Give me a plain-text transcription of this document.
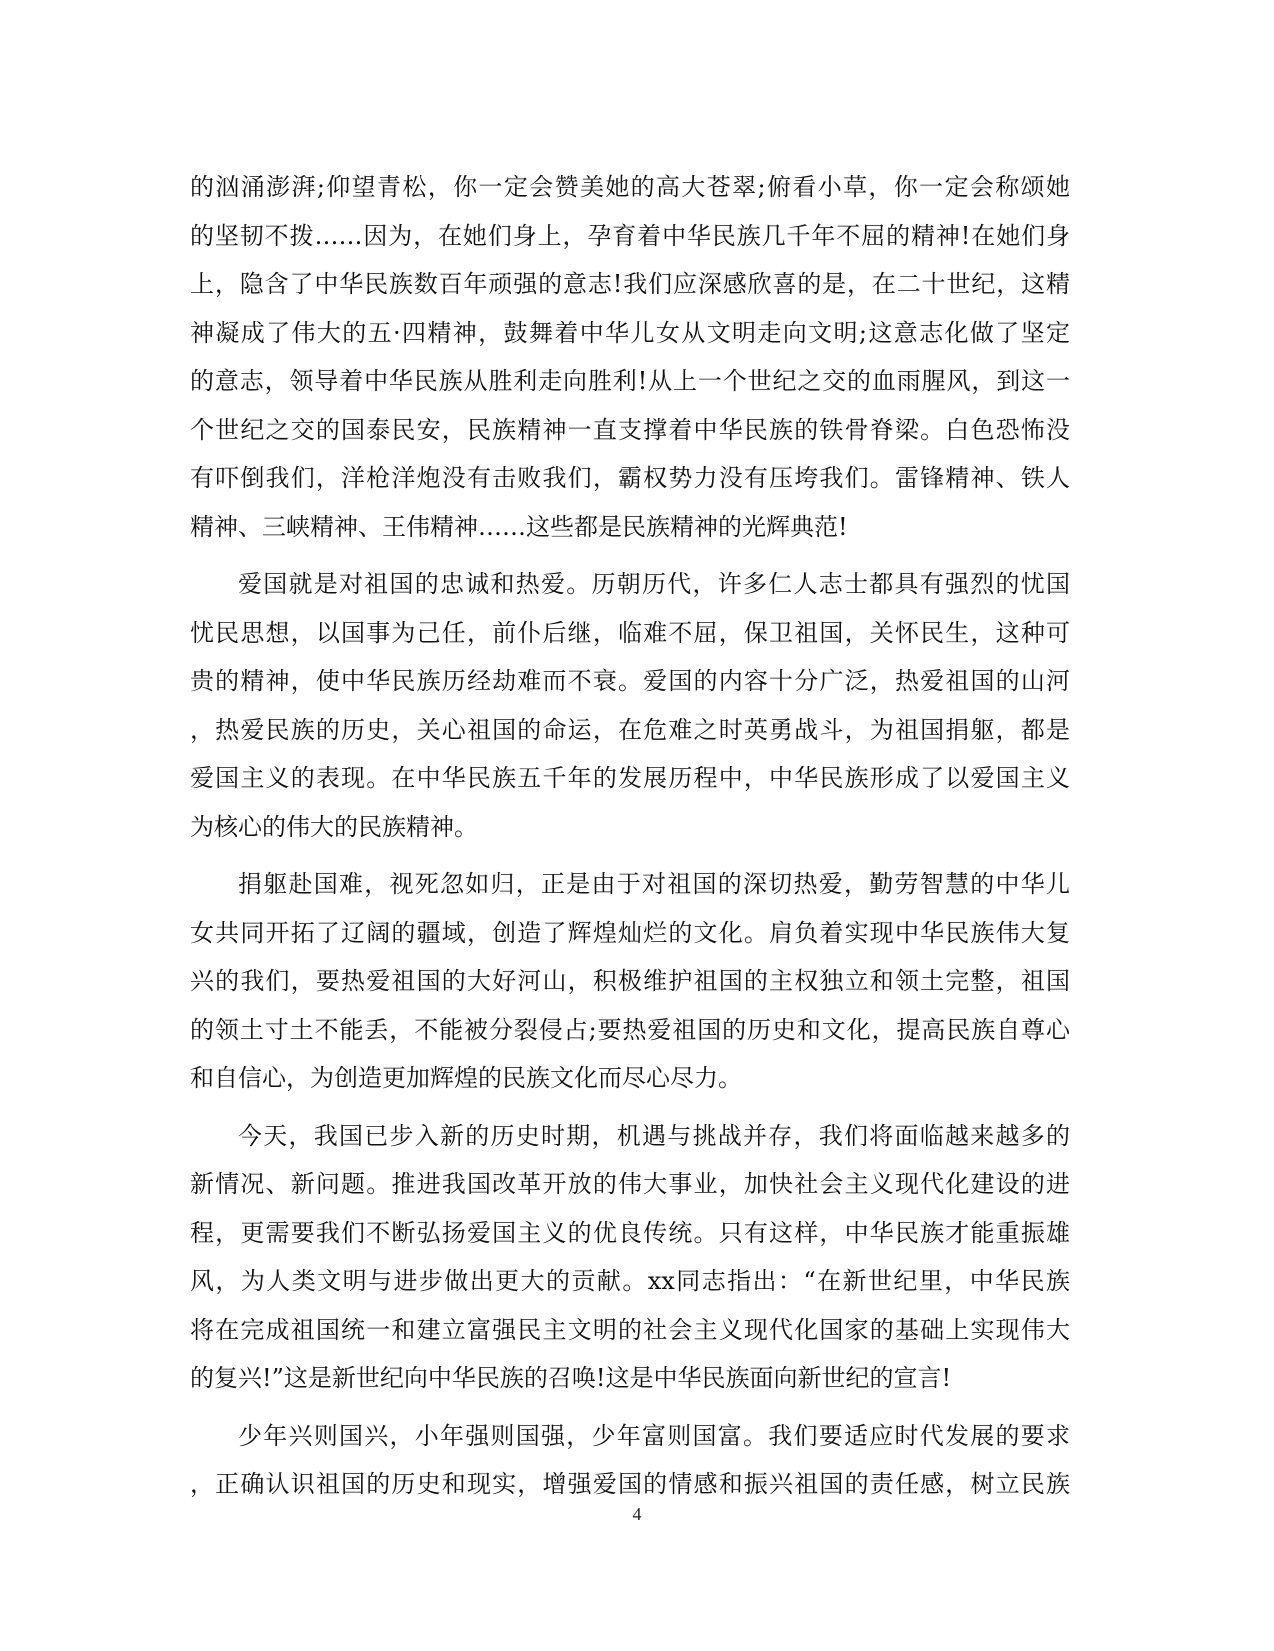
的汹涌澎湃;仰望青松，你一定会赞美她的高大苍翠;俯看小草，你一定会称颂她
的坚韧不拨……因为，在她们身上，孕育着中华民族几千年不屈的精神!在她们身
上，隐含了中华民族数百年顽强的意志!我们应深感欣喜的是，在二十世纪，这精
神凝成了伟大的五·四精神，鼓舞着中华儿女从文明走向文明;这意志化做了坚定
的意志，领导着中华民族从胜利走向胜利!从上一个世纪之交的血雨腥风，到这一
个世纪之交的国泰民安，民族精神一直支撑着中华民族的铁骨脊梁。白色恐怖没
有吓倒我们，洋枪洋炮没有击败我们，霸权势力没有压垮我们。雷锋精神、铁人
精神、三峡精神、王伟精神……这些都是民族精神的光辉典范!
爱国就是对祖国的忠诚和热爱。历朝历代，许多仁人志士都具有强烈的忧国
忧民思想，以国事为己任，前仆后继，临难不屈，保卫祖国，关怀民生，这种可
贵的精神，使中华民族历经劫难而不衰。爱国的内容十分广泛，热爱祖国的山河
，热爱民族的历史，关心祖国的命运，在危难之时英勇战斗，为祖国捐躯，都是
爱国主义的表现。在中华民族五千年的发展历程中，中华民族形成了以爱国主义
为核心的伟大的民族精神。
捐躯赴国难，视死忽如归，正是由于对祖国的深切热爱，勤劳智慧的中华儿
女共同开拓了辽阔的疆域，创造了辉煌灿烂的文化。肩负着实现中华民族伟大复
兴的我们，要热爱祖国的大好河山，积极维护祖国的主权独立和领土完整，祖国
的领土寸土不能丢，不能被分裂侵占;要热爱祖国的历史和文化，提高民族自尊心
和自信心，为创造更加辉煌的民族文化而尽心尽力。
今天，我国已步入新的历史时期，机遇与挑战并存，我们将面临越来越多的
新情况、新问题。推进我国改革开放的伟大事业，加快社会主义现代化建设的进
程，更需要我们不断弘扬爱国主义的优良传统。只有这样，中华民族才能重振雄
风，为人类文明与进步做出更大的贡献。xx同志指出：“在新世纪里，中华民族
将在完成祖国统一和建立富强民主文明的社会主义现代化国家的基础上实现伟大
的复兴!”这是新世纪向中华民族的召唤!这是中华民族面向新世纪的宣言!
少年兴则国兴，小年强则国强，少年富则国富。我们要适应时代发展的要求
，正确认识祖国的历史和现实，增强爱国的情感和振兴祖国的责任感，树立民族
4
